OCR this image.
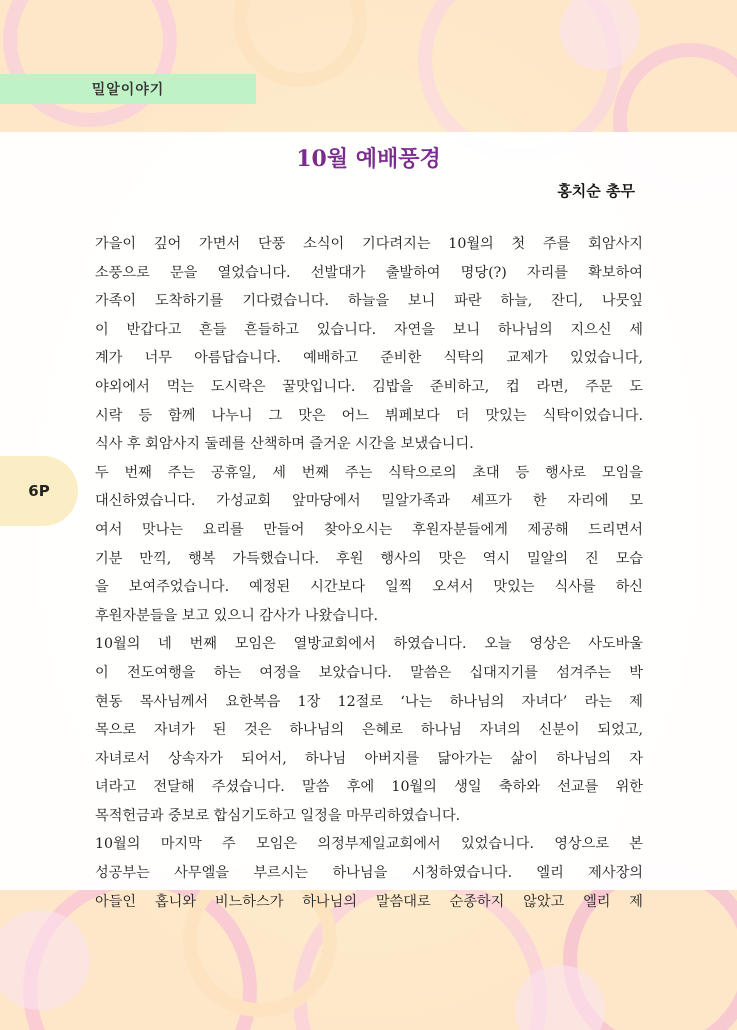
밀알이야기
6P
10월 예배풍경
홍치순 총무

가을이 깊어 가면서 단풍 소식이 기다려지는 10월의 첫 주를 회암사지

소풍으로 문을 열었습니다. 선발대가 출발하여 명당(?) 자리를 확보하여

가족이 도착하기를 기다렸습니다. 하늘을 보니 파란 하늘, 잔디, 나뭇잎

이 반갑다고 흔들 흔들하고 있습니다. 자연을 보니 하나님의 지으신 세

계가 너무 아름답습니다. 예배하고 준비한 식탁의 교제가 있었습니다,

야외에서 먹는 도시락은 꿀맛입니다. 김밥을 준비하고, 컵 라면, 주문 도

시락 등 함께 나누니 그 맛은 어느 뷔페보다 더 맛있는 식탁이었습니다.

식사 후 회암사지 둘레를 산책하며 즐거운 시간을 보냈습니디.

두 번째 주는 공휴일, 세 번째 주는 식탁으로의 초대 등 행사로 모임을

대신하였습니다. 가성교회 앞마당에서 밀알가족과 셰프가 한 자리에 모

여서 맛나는 요리를 만들어 찾아오시는 후원자분들에게 제공해 드리면서

기분 만끽, 행복 가득했습니다. 후원 행사의 맛은 역시 밀알의 진 모습

을 보여주었습니다. 예정된 시간보다 일찍 오셔서 맛있는 식사를 하신

후원자분들을 보고 있으니 감사가 나왔습니다.

10월의 네 번째 모임은 열방교회에서 하였습니다. 오늘 영상은 사도바울

이 전도여행을 하는 여정을 보았습니다. 말씀은 십대지기를 섬겨주는 박

현동 목사님께서 요한복음 1장 12절로 ‘나는 하나님의 자녀다’ 라는 제

목으로 자녀가 된 것은 하나님의 은혜로 하나님 자녀의 신분이 되었고,

자녀로서 상속자가 되어서, 하나님 아버지를 닮아가는 삶이 하나님의 자

녀라고 전달해 주셨습니다. 말씀 후에 10월의 생일 축하와 선교를 위한

목적헌금과 중보로 합심기도하고 일정을 마무리하였습니다.

10월의 마지막 주 모임은 의정부제일교회에서 있었습니다. 영상으로 본

성공부는 사무엘을 부르시는 하나님을 시청하였습니다. 엘리 제사장의

아들인 홉니와 비느하스가 하나님의 말씀대로 순종하지 않았고 엘리 제
